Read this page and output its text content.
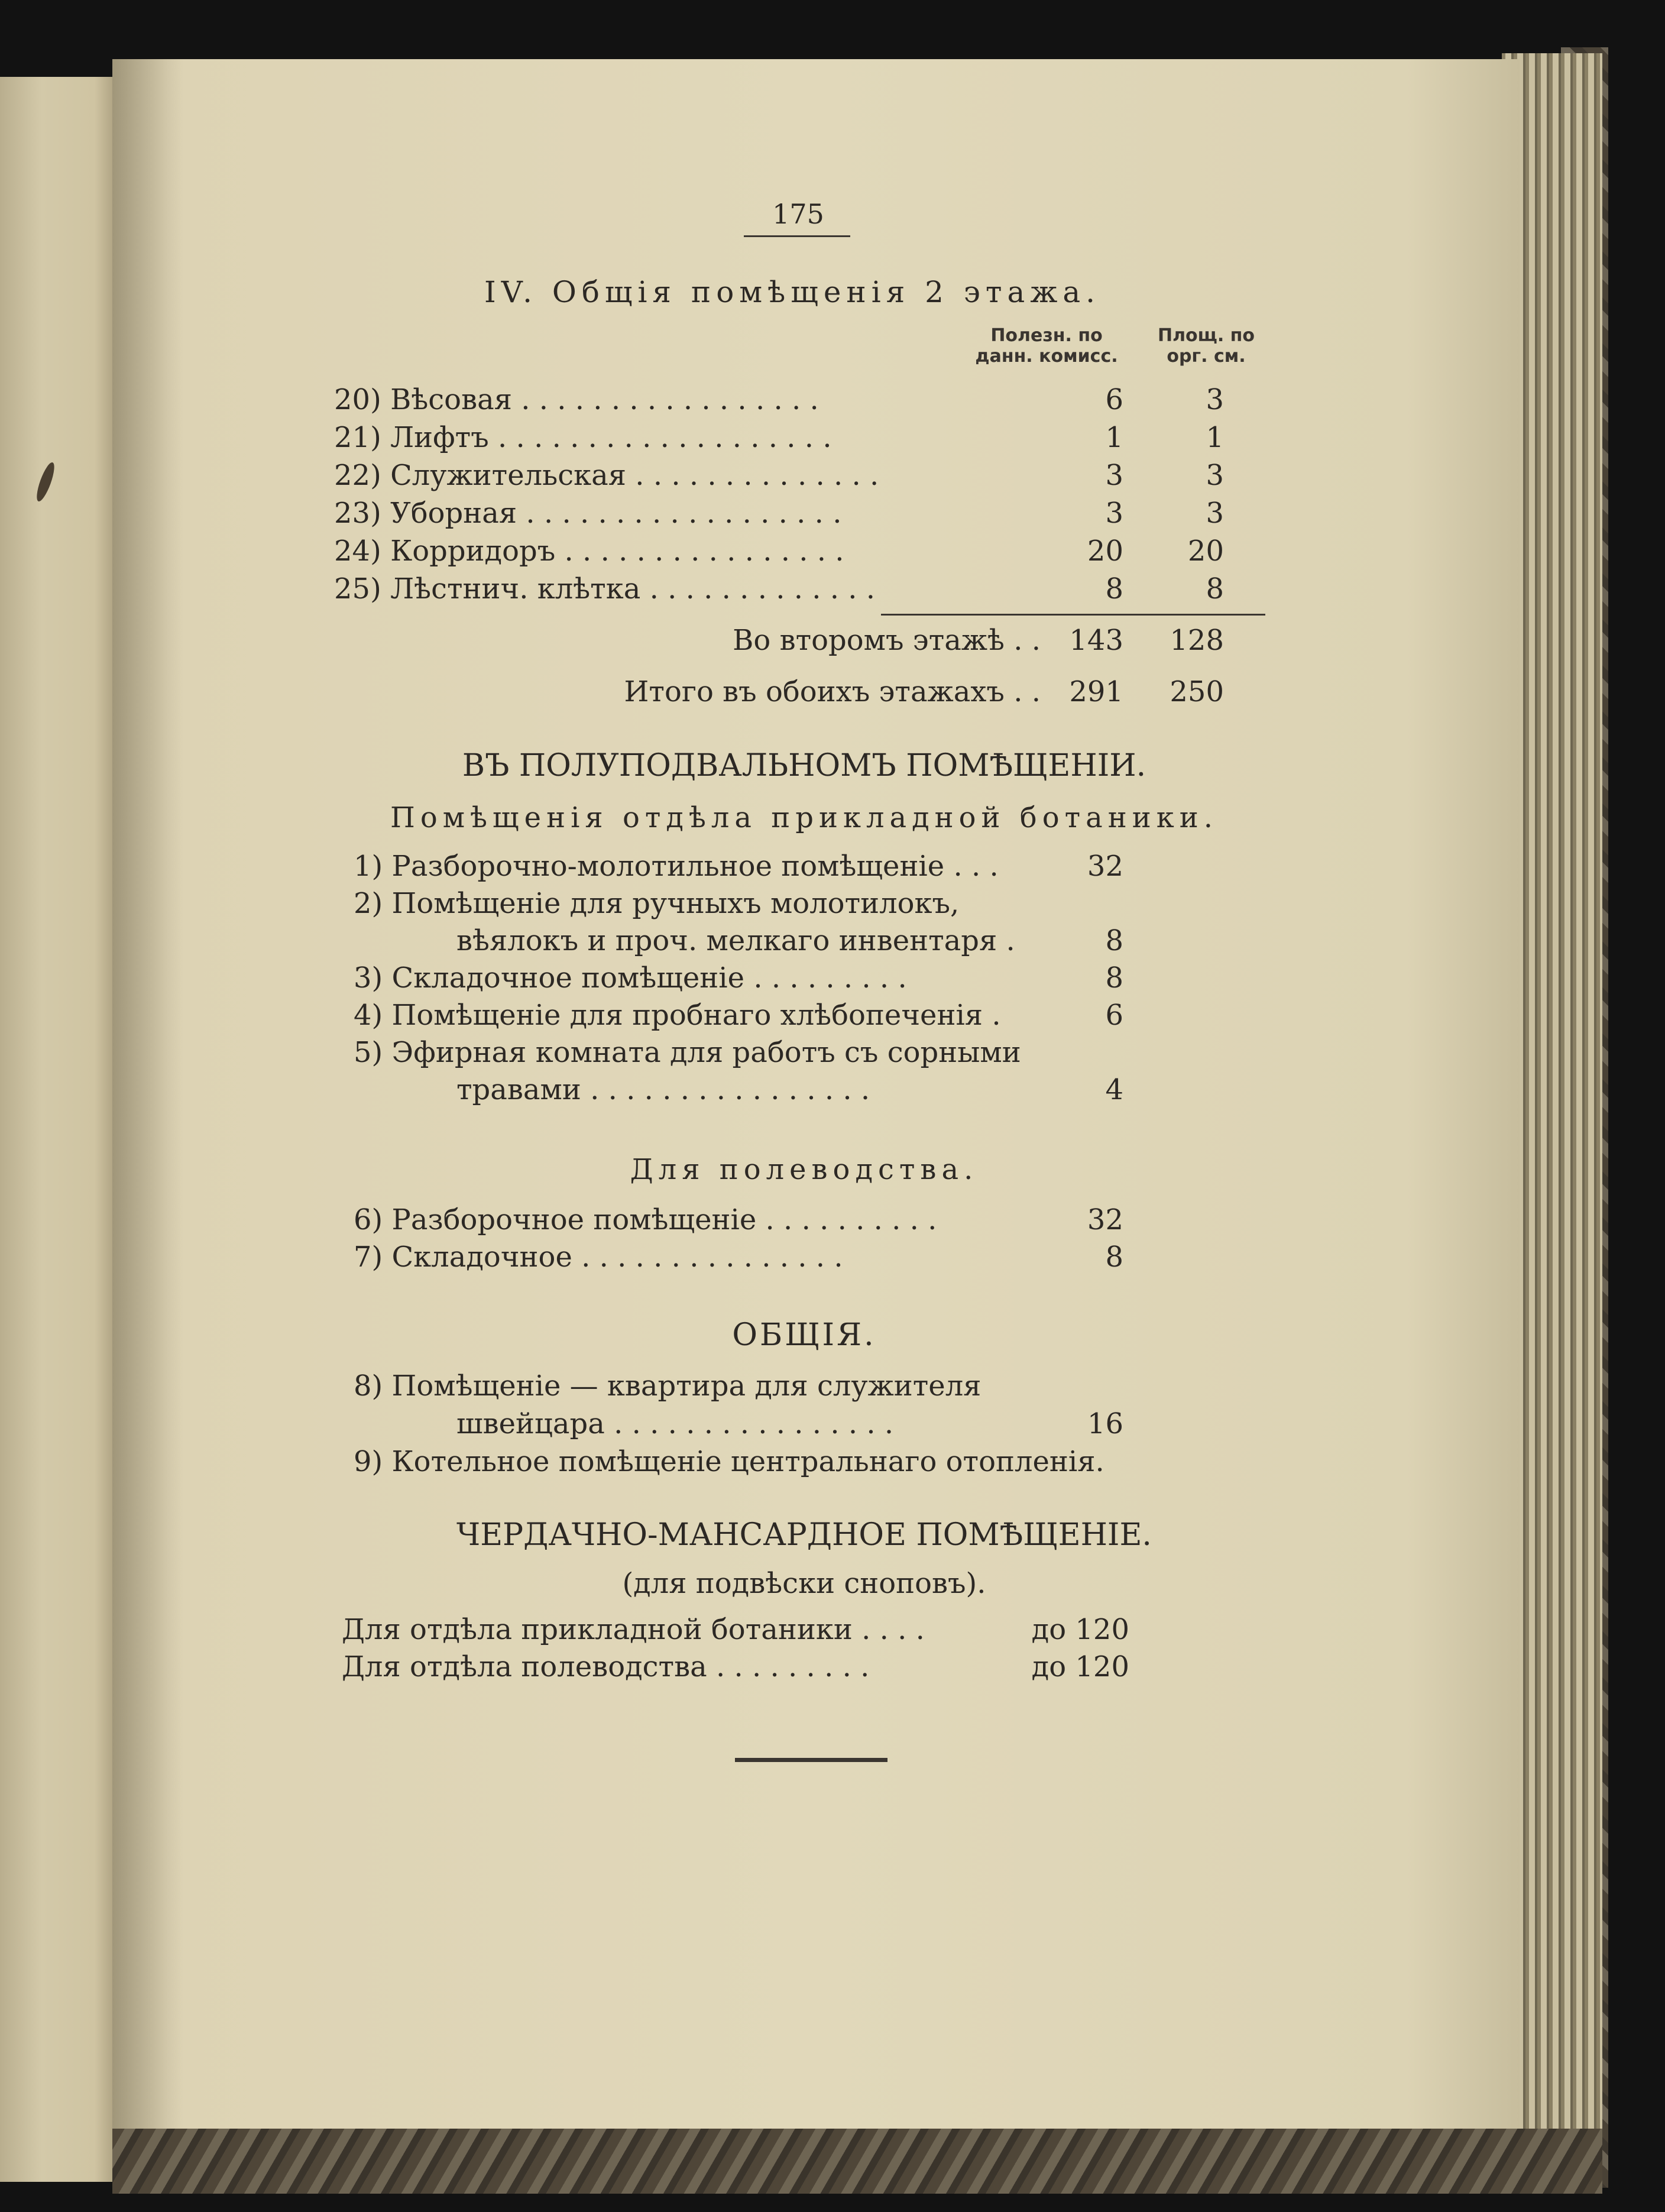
175
IV. Общія помѣщенія 2 этажа.
Полезн. по
данн. комисс.
Площ. по
орг. см.
20) Вѣсовая . . . . . . . . . . . . . . . . .	6	3
21) Лифтъ . . . . . . . . . . . . . . . . . . .	1	1
22) Служительская . . . . . . . . . . . . . .	3	3
23) Уборная . . . . . . . . . . . . . . . . . .	3	3
24) Корридоръ . . . . . . . . . . . . . . . .	20	20
25) Лѣстнич. клѣтка . . . . . . . . . . . . .	8	8
Во второмъ этажѣ . .	143	128
Итого въ обоихъ этажахъ . .	291	250
ВЪ ПОЛУПОДВАЛЬНОМЪ ПОМѢЩЕНІИ.
Помѣщенія отдѣла прикладной ботаники.
1) Разборочно-молотильное помѣщеніе . . .	32
2) Помѣщеніе для ручныхъ молотилокъ,
вѣялокъ и проч. мелкаго инвентаря .	8
3) Складочное помѣщеніе . . . . . . . . .	8
4) Помѣщеніе для пробнаго хлѣбопеченія .	6
5) Эфирная комната для работъ съ сорными
травами . . . . . . . . . . . . . . . .	4
Для полеводства.
6) Разборочное помѣщеніе . . . . . . . . . .	32
7) Складочное . . . . . . . . . . . . . . .	8
ОБЩІЯ.
8) Помѣщеніе — квартира для служителя
швейцара . . . . . . . . . . . . . . . .	16
9) Котельное помѣщеніе центральнаго отопленія.
ЧЕРДАЧНО-МАНСАРДНОЕ ПОМѢЩЕНІЕ.
(для подвѣски сноповъ).
Для отдѣла прикладной ботаники . . . .	до 120
Для отдѣла полеводства . . . . . . . . .	до 120
